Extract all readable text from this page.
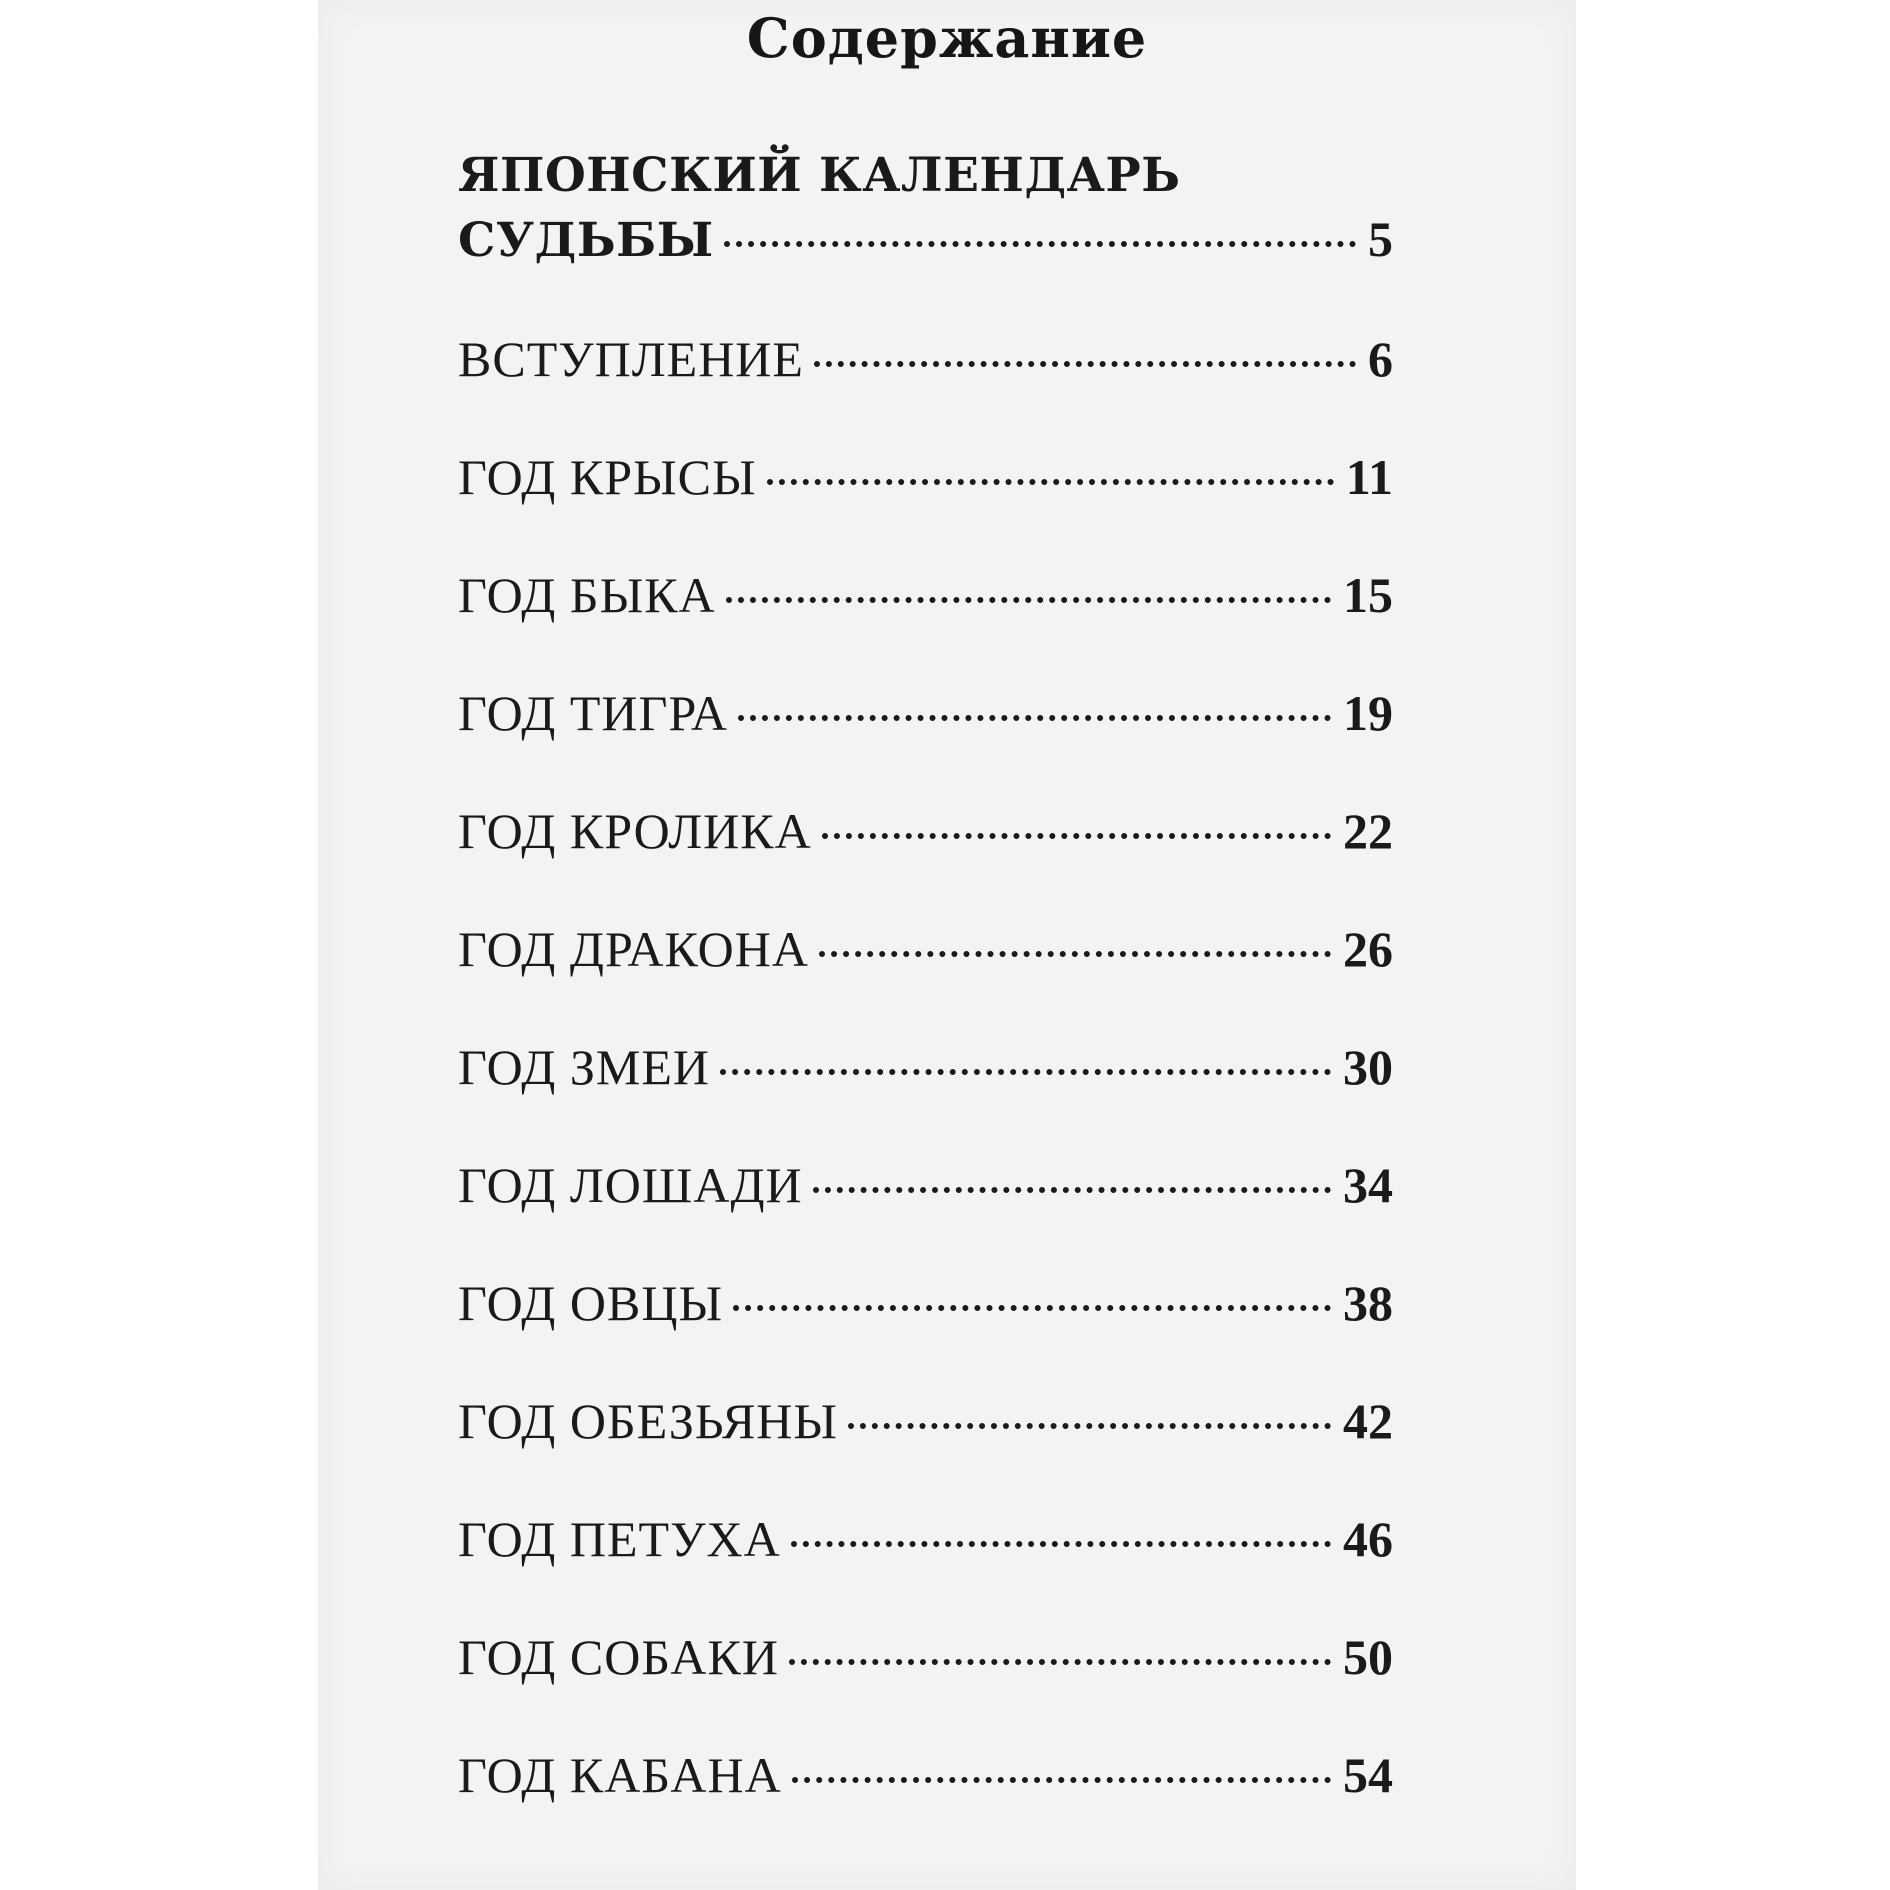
Содержание
ЯПОНСКИЙ КАЛЕНДАРЬ
СУДЬБЫ	5
ВСТУПЛЕНИЕ	6
ГОД КРЫСЫ	11
ГОД БЫКА	15
ГОД ТИГРА	19
ГОД КРОЛИКА	22
ГОД ДРАКОНА	26
ГОД ЗМЕИ	30
ГОД ЛОШАДИ	34
ГОД ОВЦЫ	38
ГОД ОБЕЗЬЯНЫ	42
ГОД ПЕТУХА	46
ГОД СОБАКИ	50
ГОД КАБАНА	54
